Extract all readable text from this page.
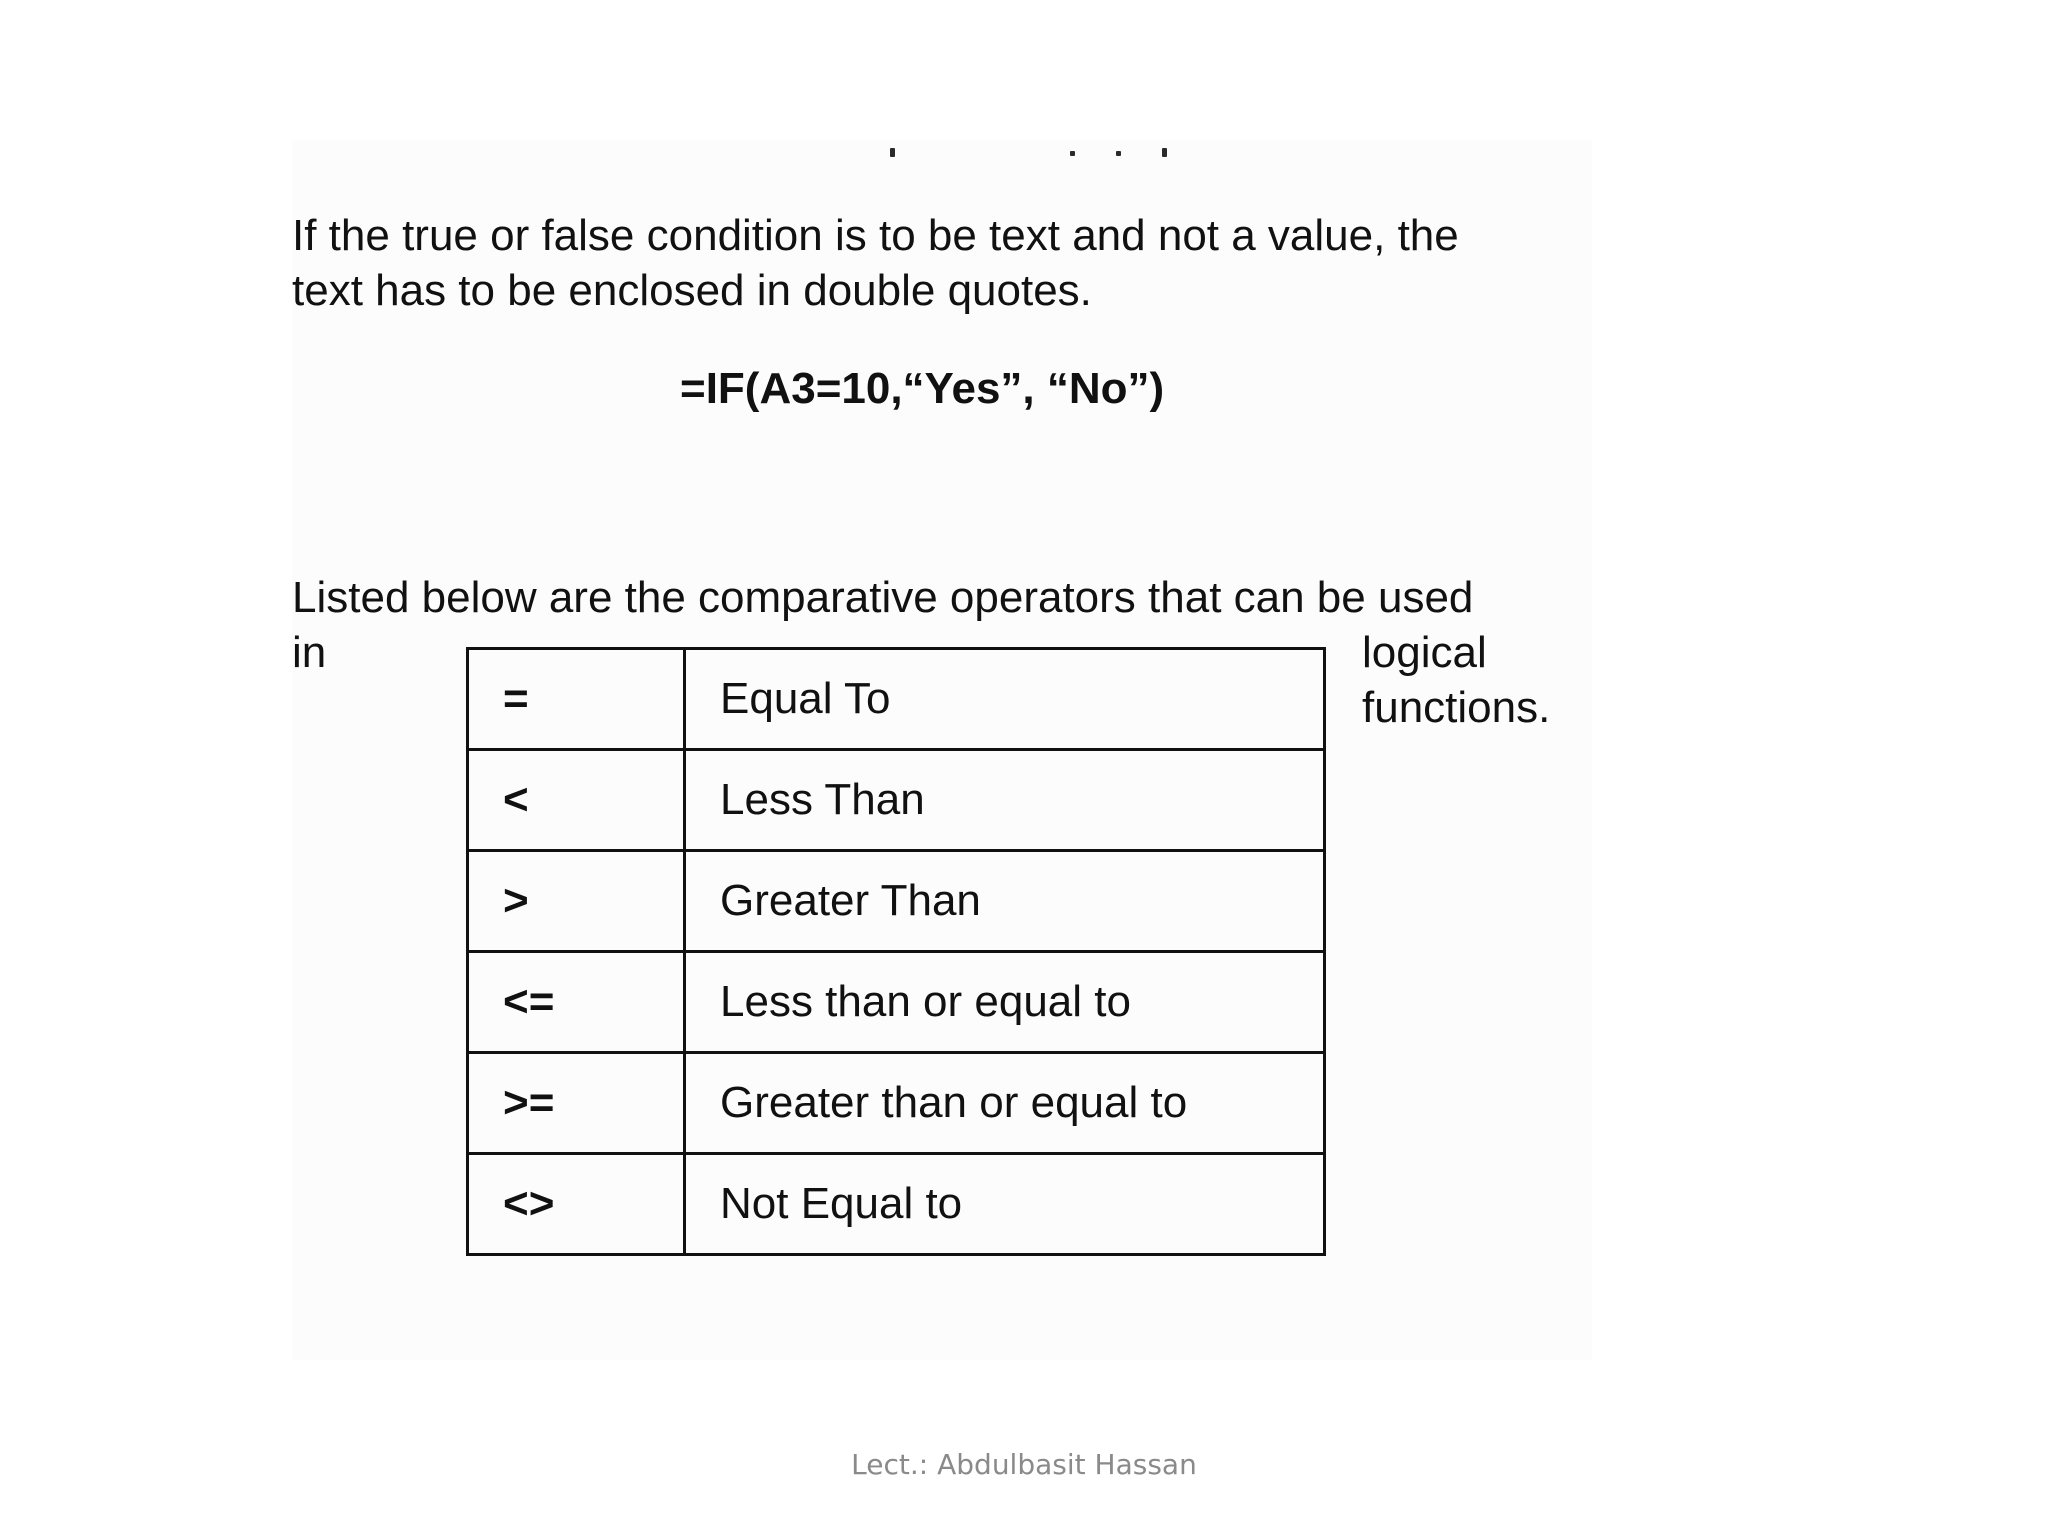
If the true or false condition is to be text and not a value, the
text has to be enclosed in double quotes.
=IF(A3=10,“Yes”, “No”)
Listed below are the comparative operators that can be used
in	logical
functions.
=	Equal To
<	Less Than
>	Greater Than
<=	Less than or equal to
>=	Greater than or equal to
<>	Not Equal to
Lect.: Abdulbasit Hassan
